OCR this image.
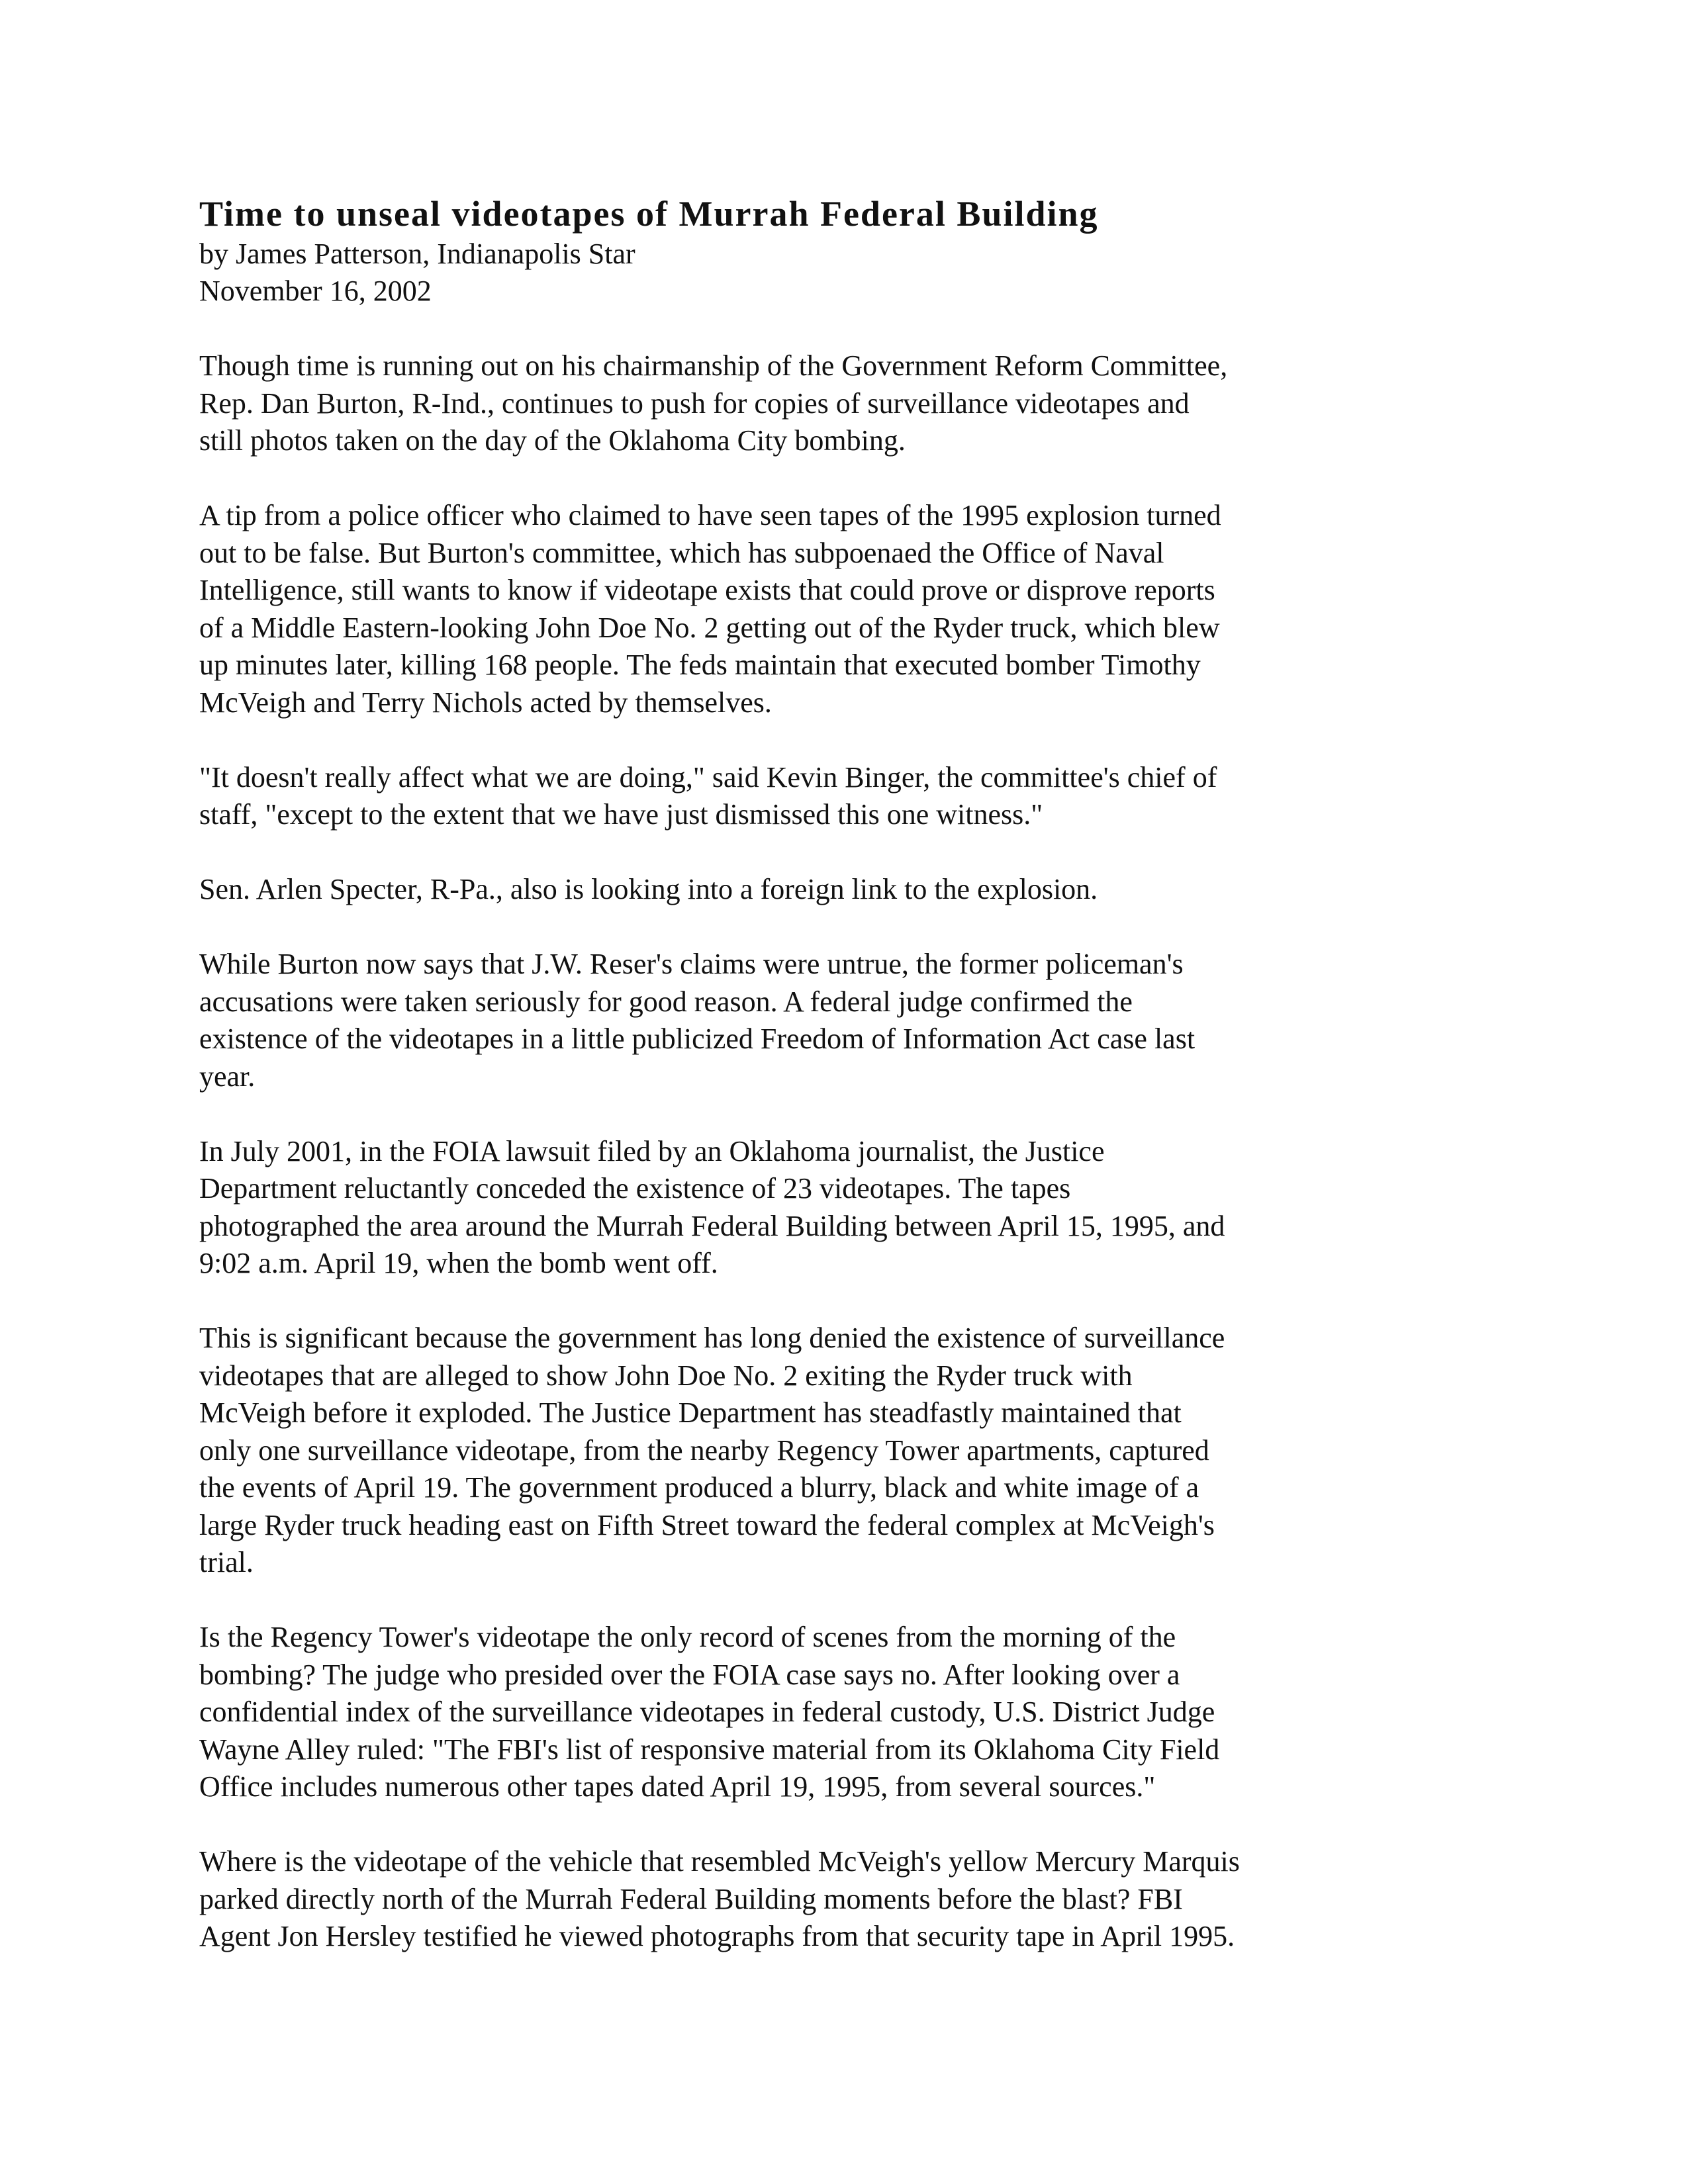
Time to unseal videotapes of Murrah Federal Building

by James Patterson, Indianapolis Star

November 16, 2002

Though time is running out on his chairmanship of the Government Reform Committee,
Rep. Dan Burton, R-Ind., continues to push for copies of surveillance videotapes and
still photos taken on the day of the Oklahoma City bombing.

A tip from a police officer who claimed to have seen tapes of the 1995 explosion turned
out to be false. But Burton's committee, which has subpoenaed the Office of Naval
Intelligence, still wants to know if videotape exists that could prove or disprove reports
of a Middle Eastern-looking John Doe No. 2 getting out of the Ryder truck, which blew
up minutes later, killing 168 people. The feds maintain that executed bomber Timothy
McVeigh and Terry Nichols acted by themselves.

"It doesn't really affect what we are doing," said Kevin Binger, the committee's chief of
staff, "except to the extent that we have just dismissed this one witness."

Sen. Arlen Specter, R-Pa., also is looking into a foreign link to the explosion.

While Burton now says that J.W. Reser's claims were untrue, the former policeman's
accusations were taken seriously for good reason. A federal judge confirmed the
existence of the videotapes in a little publicized Freedom of Information Act case last
year.

In July 2001, in the FOIA lawsuit filed by an Oklahoma journalist, the Justice
Department reluctantly conceded the existence of 23 videotapes. The tapes
photographed the area around the Murrah Federal Building between April 15, 1995, and
9:02 a.m. April 19, when the bomb went off.

This is significant because the government has long denied the existence of surveillance
videotapes that are alleged to show John Doe No. 2 exiting the Ryder truck with
McVeigh before it exploded. The Justice Department has steadfastly maintained that
only one surveillance videotape, from the nearby Regency Tower apartments, captured
the events of April 19. The government produced a blurry, black and white image of a
large Ryder truck heading east on Fifth Street toward the federal complex at McVeigh's
trial.

Is the Regency Tower's videotape the only record of scenes from the morning of the
bombing? The judge who presided over the FOIA case says no. After looking over a
confidential index of the surveillance videotapes in federal custody, U.S. District Judge
Wayne Alley ruled: "The FBI's list of responsive material from its Oklahoma City Field
Office includes numerous other tapes dated April 19, 1995, from several sources."

Where is the videotape of the vehicle that resembled McVeigh's yellow Mercury Marquis
parked directly north of the Murrah Federal Building moments before the blast? FBI
Agent Jon Hersley testified he viewed photographs from that security tape in April 1995.
